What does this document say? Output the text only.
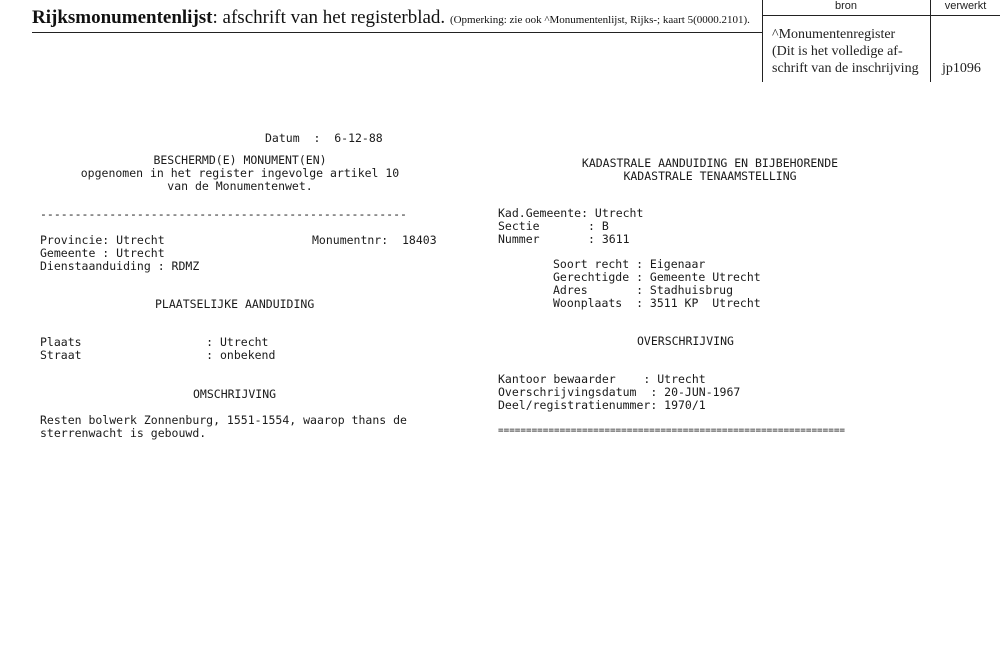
Rijksmonumentenlijst: afschrift van het registerblad. (Opmerking: zie ook ^Monumentenlijst, Rijks-; kaart 5(0000.2101).
bron	verwerkt
^Monumentenregister
(Dit is het volledige af-
schrift van de inschrijving jp1096
Datum  :  6-12-88
BESCHERMD(E) MONUMENT(EN)
opgenomen in het register ingevolge artikel 10
van de Monumentenwet.
-----------------------------------------------------
Provincie: Utrecht	Monumentnr:  18403
Gemeente : Utrecht
Dienstaanduiding : RDMZ
PLAATSELIJKE AANDUIDING
Plaats                  : Utrecht
Straat                  : onbekend
OMSCHRIJVING
Resten bolwerk Zonnenburg, 1551-1554, waarop thans de
sterrenwacht is gebouwd.
KADASTRALE AANDUIDING EN BIJBEHORENDE
KADASTRALE TENAAMSTELLING
Kad.Gemeente: Utrecht
Sectie       : B
Nummer       : 3611
Soort recht : Eigenaar
Gerechtigde : Gemeente Utrecht
Adres       : Stadhuisbrug
Woonplaats  : 3511 KP  Utrecht
OVERSCHRIJVING
Kantoor bewaarder    : Utrecht
Overschrijvingsdatum  : 20-JUN-1967
Deel/registratienummer: 1970/1
==============================================================
